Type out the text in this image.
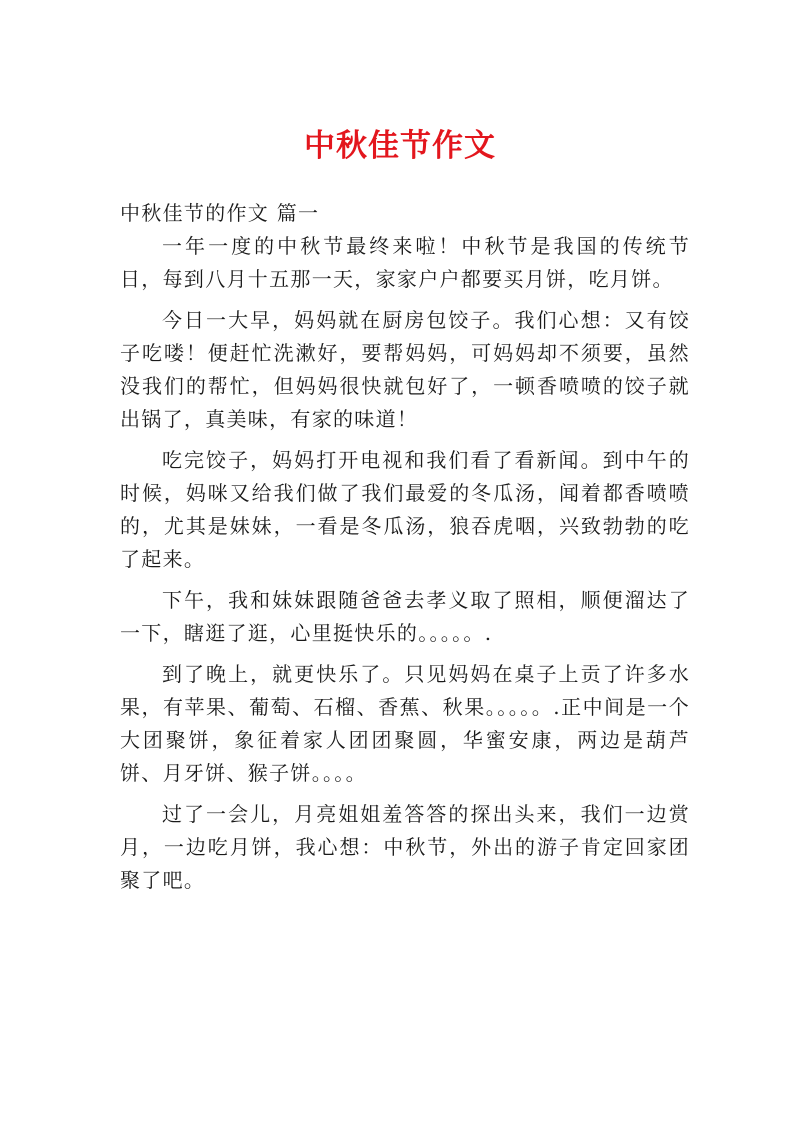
中秋佳节作文

中秋佳节的作文 篇一

一年一度的中秋节最终来啦！中秋节是我国的传统节日，每到八月十五那一天，家家户户都要买月饼，吃月饼。

今日一大早，妈妈就在厨房包饺子。我们心想：又有饺子吃喽！便赶忙洗漱好，要帮妈妈，可妈妈却不须要，虽然没我们的帮忙，但妈妈很快就包好了，一顿香喷喷的饺子就出锅了，真美味，有家的味道！

吃完饺子，妈妈打开电视和我们看了看新闻。到中午的时候，妈咪又给我们做了我们最爱的冬瓜汤，闻着都香喷喷的，尤其是妹妹，一看是冬瓜汤，狼吞虎咽，兴致勃勃的吃了起来。

下午，我和妹妹跟随爸爸去孝义取了照相，顺便溜达了一下，瞎逛了逛，心里挺快乐的。。。。。.

到了晚上，就更快乐了。只见妈妈在桌子上贡了许多水果，有苹果、葡萄、石榴、香蕉、秋果。。。。。.正中间是一个大团聚饼，象征着家人团团聚圆，华蜜安康，两边是葫芦饼、月牙饼、猴子饼。。。。

过了一会儿，月亮姐姐羞答答的探出头来，我们一边赏月，一边吃月饼，我心想：中秋节，外出的游子肯定回家团聚了吧。
